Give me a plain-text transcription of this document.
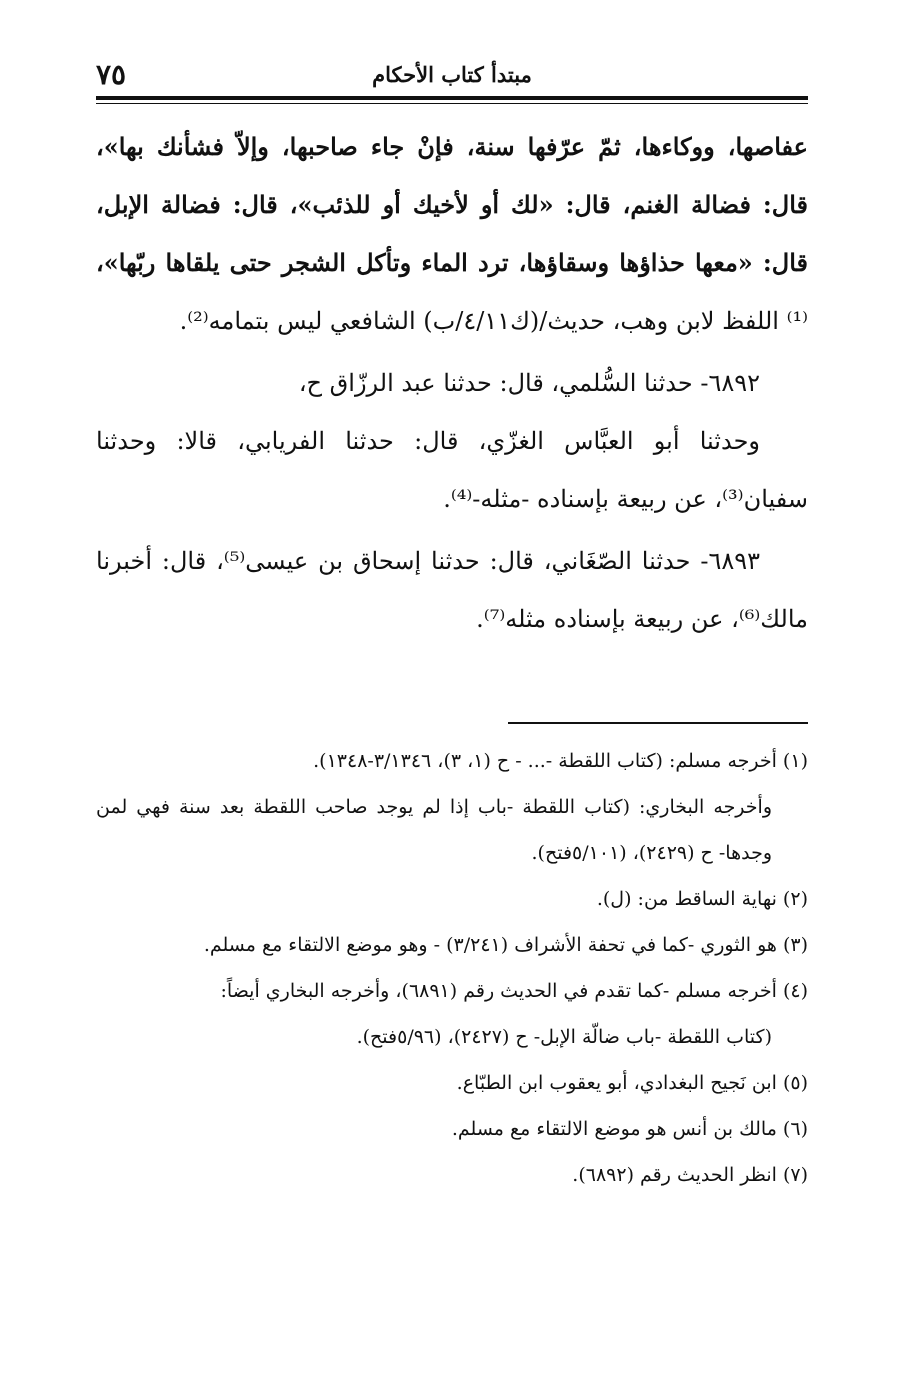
٧٥	مبتدأ كتاب الأحكام

عفاصها، ووكاءها، ثمّ عرّفها سنة، فإنْ جاء صاحبها، وإلاّ فشأنك بها»، قال: فضالة الغنم، قال: «لك أو لأخيك أو للذئب»، قال: فضالة الإبل، قال: «معها حذاؤها وسقاؤها، ترد الماء وتأكل الشجر حتى يلقاها ربّها»، ⁽¹⁾ اللفظ لابن وهب، حديث/(ك٤/١١/ب) الشافعي ليس بتمامه⁽²⁾.

٦٨٩٢- حدثنا السُّلمي، قال: حدثنا عبد الرزّاق ح،

وحدثنا أبو العبَّاس الغزّي، قال: حدثنا الفريابي، قالا: وحدثنا سفيان⁽³⁾، عن ربيعة بإسناده -مثله-⁽⁴⁾.

٦٨٩٣- حدثنا الصّغَاني، قال: حدثنا إسحاق بن عيسى⁽⁵⁾، قال: أخبرنا مالك⁽⁶⁾، عن ربيعة بإسناده مثله⁽⁷⁾.

(١) أخرجه مسلم: (كتاب اللقطة -... - ح (١، ٣)، ٣/١٣٤٦-١٣٤٨).

وأخرجه البخاري: (كتاب اللقطة -باب إذا لم يوجد صاحب اللقطة بعد سنة فهي لمن وجدها- ح (٢٤٢٩)، (٥/١٠١فتح).

(٢) نهاية الساقط من: (ل).

(٣) هو الثوري -كما في تحفة الأشراف (٣/٢٤١) - وهو موضع الالتقاء مع مسلم.

(٤) أخرجه مسلم -كما تقدم في الحديث رقم (٦٨٩١)، وأخرجه البخاري أيضاً:

(كتاب اللقطة -باب ضالّة الإبل- ح (٢٤٢٧)، (٥/٩٦فتح).

(٥) ابن نَجيح البغدادي، أبو يعقوب ابن الطبّاع.

(٦) مالك بن أنس هو موضع الالتقاء مع مسلم.

(٧) انظر الحديث رقم (٦٨٩٢).
